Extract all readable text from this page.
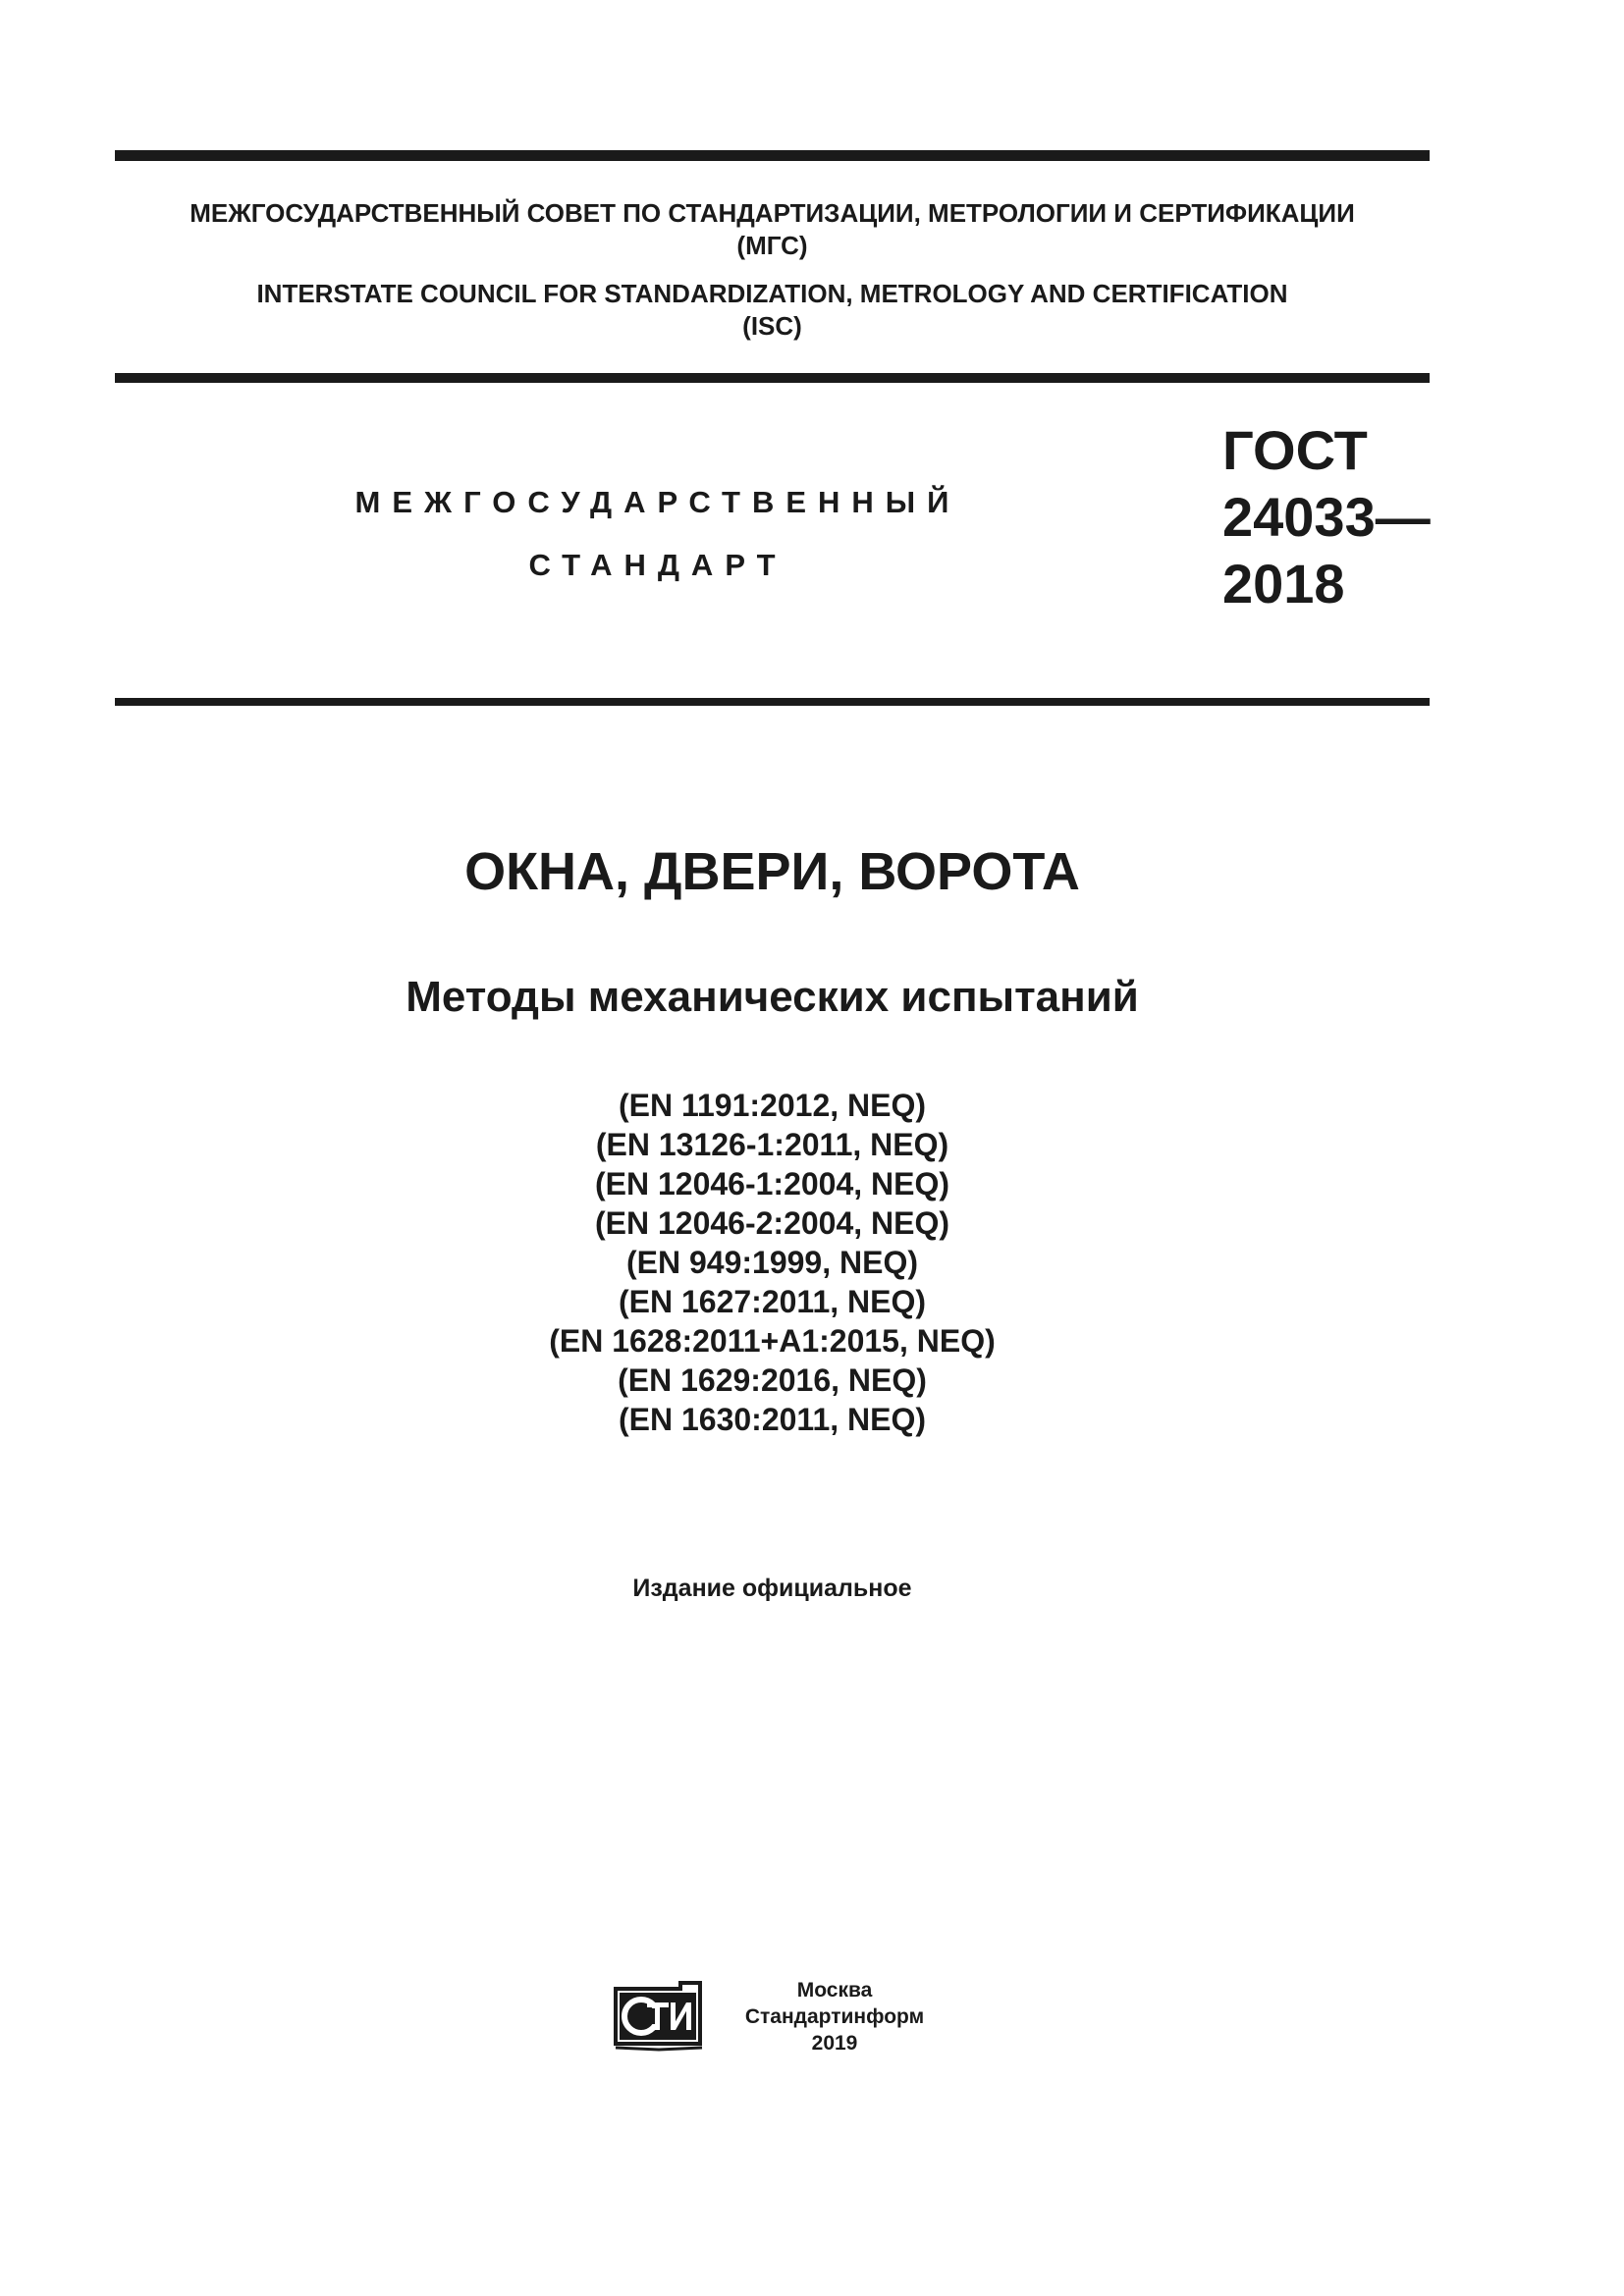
МЕЖГОСУДАРСТВЕННЫЙ СОВЕТ ПО СТАНДАРТИЗАЦИИ, МЕТРОЛОГИИ И СЕРТИФИКАЦИИ
(МГС)
INTERSTATE COUNCIL FOR STANDARDIZATION, METROLOGY AND CERTIFICATION
(ISC)
МЕЖГОСУДАРСТВЕННЫЙ
СТАНДАРТ
ГОСТ
24033—
2018
ОКНА, ДВЕРИ, ВОРОТА
Методы механических испытаний
(EN 1191:2012, NEQ)
(EN 13126-1:2011, NEQ)
(EN 12046-1:2004, NEQ)
(EN 12046-2:2004, NEQ)
(EN 949:1999, NEQ)
(EN 1627:2011, NEQ)
(EN 1628:2011+A1:2015, NEQ)
(EN 1629:2016, NEQ)
(EN 1630:2011, NEQ)
Издание официальное
Москва
Стандартинформ
2019
